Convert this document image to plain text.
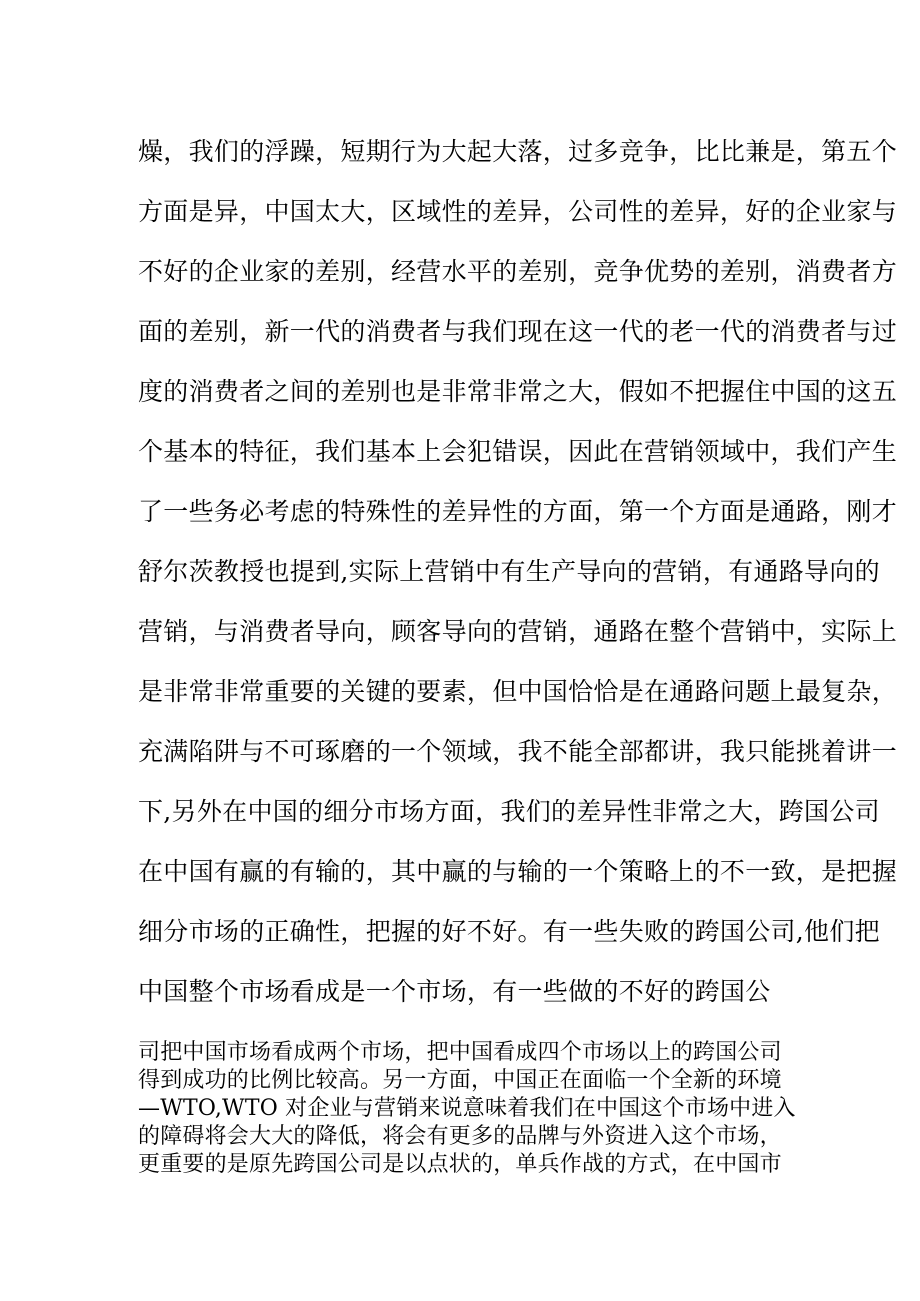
燥，我们的浮躁，短期行为大起大落，过多竞争，比比兼是，第五个
方面是异，中国太大，区域性的差异，公司性的差异，好的企业家与
不好的企业家的差别，经营水平的差别，竞争优势的差别，消费者方
面的差别，新一代的消费者与我们现在这一代的老一代的消费者与过
度的消费者之间的差别也是非常非常之大，假如不把握住中国的这五
个基本的特征，我们基本上会犯错误，因此在营销领域中，我们产生
了一些务必考虑的特殊性的差异性的方面，第一个方面是通路，刚才
舒尔茨教授也提到,实际上营销中有生产导向的营销，有通路导向的
营销，与消费者导向，顾客导向的营销，通路在整个营销中，实际上
是非常非常重要的关键的要素，但中国恰恰是在通路问题上最复杂，
充满陷阱与不可琢磨的一个领域，我不能全部都讲，我只能挑着讲一
下,另外在中国的细分市场方面，我们的差异性非常之大，跨国公司
在中国有赢的有输的，其中赢的与输的一个策略上的不一致，是把握
细分市场的正确性，把握的好不好。有一些失败的跨国公司,他们把
中国整个市场看成是一个市场，有一些做的不好的跨国公
司把中国市场看成两个市场，把中国看成四个市场以上的跨国公司
得到成功的比例比较高。另一方面，中国正在面临一个全新的环境
—WTO,WTO 对企业与营销来说意味着我们在中国这个市场中进入
的障碍将会大大的降低，将会有更多的品牌与外资进入这个市场，
更重要的是原先跨国公司是以点状的，单兵作战的方式，在中国市
